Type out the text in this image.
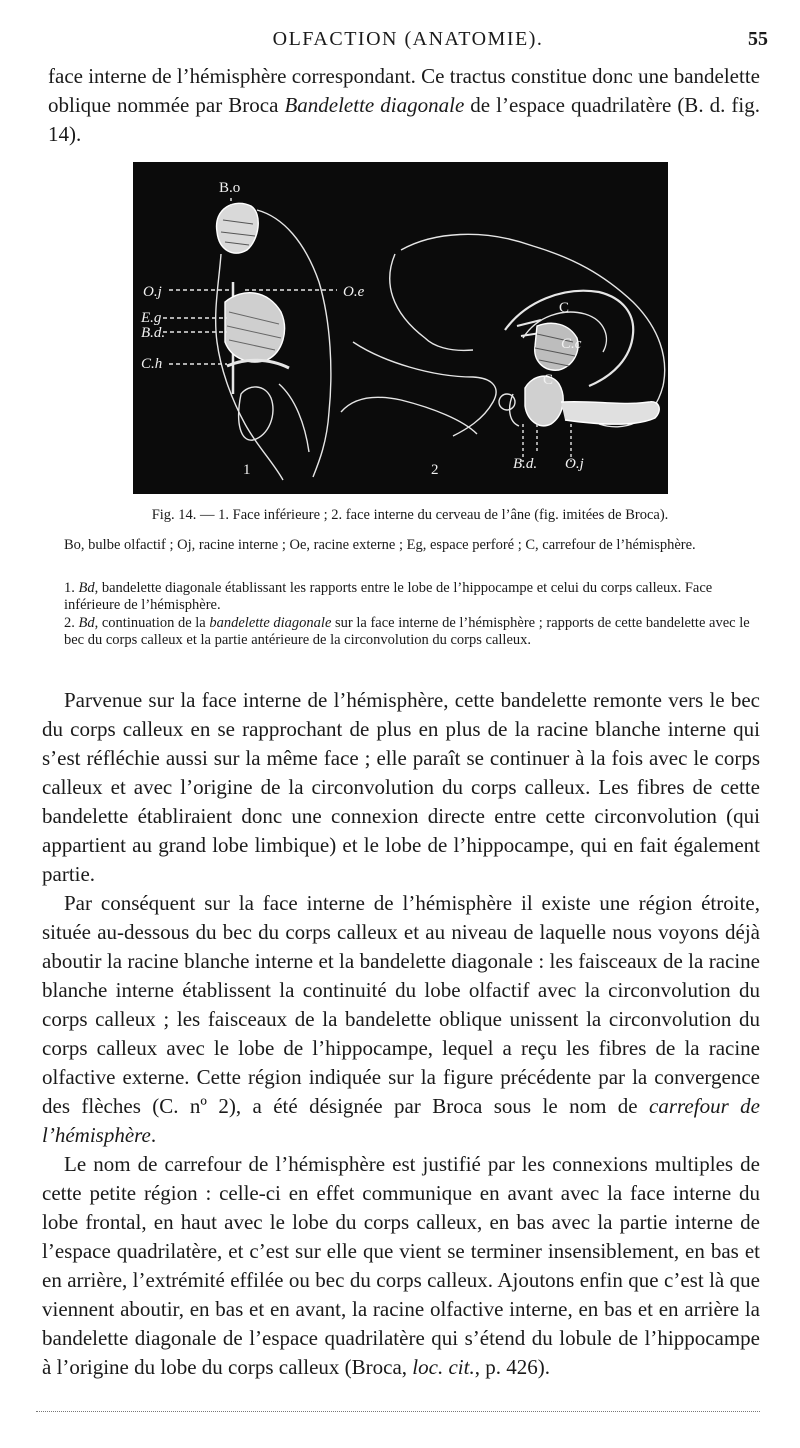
OLFACTION (ANATOMIE).	55

face interne de l’hémisphère correspondant. Ce tractus constitue donc une bandelette oblique nommée par Broca Bandelette diagonale de l’espace quadrilatère (B. d. fig. 14).

B.o
O.j	O.e
E.g
B.d.
C.h
C
C.c
C
B.d. O.j
1	2

Fig. 14. — 1. Face inférieure ; 2. face interne du cerveau de l’âne (fig. imitées de Broca).

Bo, bulbe olfactif ; Oj, racine interne ; Oe, racine externe ; Eg, espace perforé ; C, carrefour de l’hémisphère.

1. Bd, bandelette diagonale établissant les rapports entre le lobe de l’hippocampe et celui du corps calleux. Face inférieure de l’hémisphère.

2. Bd, continuation de la bandelette diagonale sur la face interne de l’hémisphère ; rapports de cette bandelette avec le bec du corps calleux et la partie antérieure de la circonvolution du corps calleux.

Parvenue sur la face interne de l’hémisphère, cette bandelette remonte vers le bec du corps calleux en se rapprochant de plus en plus de la racine blanche interne qui s’est réfléchie aussi sur la même face ; elle paraît se continuer à la fois avec le corps calleux et avec l’origine de la circonvolution du corps calleux. Les fibres de cette bandelette établiraient donc une connexion directe entre cette circonvolution (qui appartient au grand lobe limbique) et le lobe de l’hippocampe, qui en fait également partie.

Par conséquent sur la face interne de l’hémisphère il existe une région étroite, située au-dessous du bec du corps calleux et au niveau de laquelle nous voyons déjà aboutir la racine blanche interne et la bandelette diagonale : les faisceaux de la racine blanche interne établissent la continuité du lobe olfactif avec la circonvolution du corps calleux ; les faisceaux de la bandelette oblique unissent la circonvolution du corps calleux avec le lobe de l’hippocampe, lequel a reçu les fibres de la racine olfactive externe. Cette région indiquée sur la figure précédente par la convergence des flèches (C. nº 2), a été désignée par Broca sous le nom de carrefour de l’hémisphère.

Le nom de carrefour de l’hémisphère est justifié par les connexions multiples de cette petite région : celle-ci en effet communique en avant avec la face interne du lobe frontal, en haut avec le lobe du corps calleux, en bas avec la partie interne de l’espace quadrilatère, et c’est sur elle que vient se terminer insensiblement, en bas et en arrière, l’extrémité effilée ou bec du corps calleux. Ajoutons enfin que c’est là que viennent aboutir, en bas et en avant, la racine olfactive interne, en bas et en arrière la bandelette diagonale de l’espace quadrilatère qui s’étend du lobule de l’hippocampe à l’origine du lobe du corps calleux (Broca, loc. cit., p. 426).
